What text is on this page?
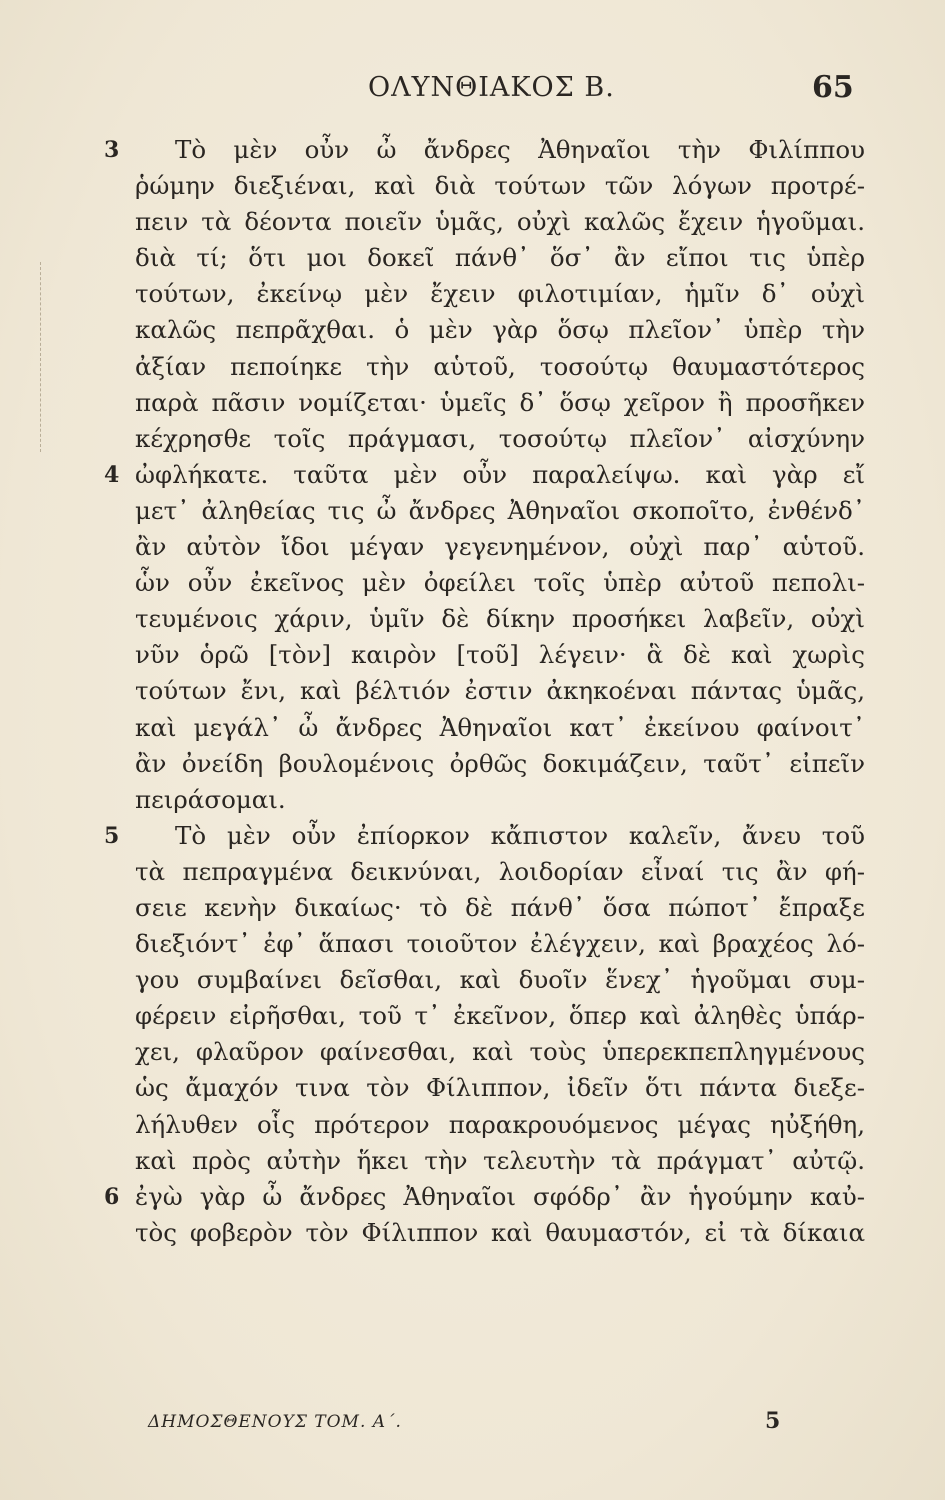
ΟΛΥΝΘΙΑΚΟΣ Β.	65
3 Τὸ μὲν οὖν ὦ ἄνδρες Ἀθηναῖοι τὴν Φιλίππου
ῥώμην διεξιέναι, καὶ διὰ τούτων τῶν λόγων προτρέ-
πειν τὰ δέοντα ποιεῖν ὑμᾶς, οὐχὶ καλῶς ἔχειν ἡγοῦμαι.
διὰ τί; ὅτι μοι δοκεῖ πάνθ᾽ ὅσ᾽ ἂν εἴποι τις ὑπὲρ
τούτων, ἐκείνῳ μὲν ἔχειν φιλοτιμίαν, ἡμῖν δ᾽ οὐχὶ
καλῶς πεπρᾶχθαι. ὁ μὲν γὰρ ὅσῳ πλεῖον᾽ ὑπὲρ τὴν
ἀξίαν πεποίηκε τὴν αὑτοῦ, τοσούτῳ θαυμαστότερος
παρὰ πᾶσιν νομίζεται· ὑμεῖς δ᾽ ὅσῳ χεῖρον ἢ προσῆκεν
κέχρησθε τοῖς πράγμασι, τοσούτῳ πλεῖον᾽ αἰσχύνην
4 ὠφλήκατε. ταῦτα μὲν οὖν παραλείψω. καὶ γὰρ εἴ
μετ᾽ ἀληθείας τις ὦ ἄνδρες Ἀθηναῖοι σκοποῖτο, ἐνθένδ᾽
ἂν αὐτὸν ἴδοι μέγαν γεγενημένον, οὐχὶ παρ᾽ αὑτοῦ.
ὧν οὖν ἐκεῖνος μὲν ὀφείλει τοῖς ὑπὲρ αὐτοῦ πεπολι-
τευμένοις χάριν, ὑμῖν δὲ δίκην προσήκει λαβεῖν, οὐχὶ
νῦν ὁρῶ [τὸν] καιρὸν [τοῦ] λέγειν· ἃ δὲ καὶ χωρὶς
τούτων ἔνι, καὶ βέλτιόν ἐστιν ἀκηκοέναι πάντας ὑμᾶς,
καὶ μεγάλ᾽ ὦ ἄνδρες Ἀθηναῖοι κατ᾽ ἐκείνου φαίνοιτ᾽
ἂν ὀνείδη βουλομένοις ὀρθῶς δοκιμάζειν, ταῦτ᾽ εἰπεῖν
πειράσομαι.
5 Τὸ μὲν οὖν ἐπίορκον κἄπιστον καλεῖν, ἄνευ τοῦ
τὰ πεπραγμένα δεικνύναι, λοιδορίαν εἶναί τις ἂν φή-
σειε κενὴν δικαίως· τὸ δὲ πάνθ᾽ ὅσα πώποτ᾽ ἔπραξε
διεξιόντ᾽ ἐφ᾽ ἅπασι τοιοῦτον ἐλέγχειν, καὶ βραχέος λό-
γου συμβαίνει δεῖσθαι, καὶ δυοῖν ἕνεχ᾽ ἡγοῦμαι συμ-
φέρειν εἰρῆσθαι, τοῦ τ᾽ ἐκεῖνον, ὅπερ καὶ ἀληθὲς ὑπάρ-
χει, φλαῦρον φαίνεσθαι, καὶ τοὺς ὑπερεκπεπληγμένους
ὡς ἄμαχόν τινα τὸν Φίλιππον, ἰδεῖν ὅτι πάντα διεξε-
λήλυθεν οἷς πρότερον παρακρουόμενος μέγας ηὐξήθη,
καὶ πρὸς αὐτὴν ἥκει τὴν τελευτὴν τὰ πράγματ᾽ αὐτῷ.
6 ἐγὼ γὰρ ὦ ἄνδρες Ἀθηναῖοι σφόδρ᾽ ἂν ἡγούμην καὐ-
τὸς φοβερὸν τὸν Φίλιππον καὶ θαυμαστόν, εἰ τὰ δίκαια
ΔΗΜΟΣΘΕΝΟΥΣ ΤΟΜ. Α΄.	5
